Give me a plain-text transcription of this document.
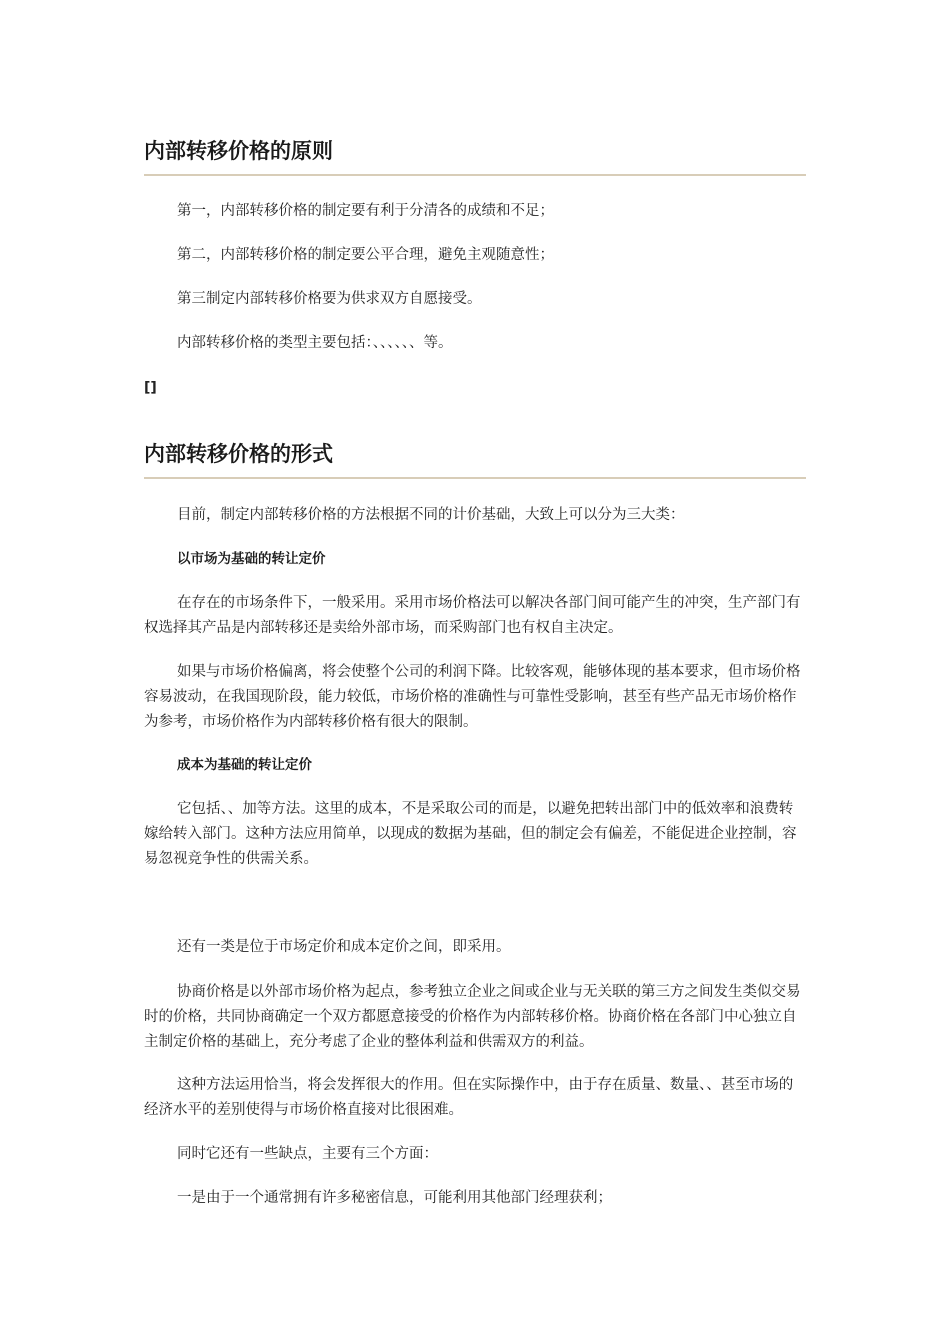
内部转移价格的原则

第一，内部转移价格的制定要有利于分清各的成绩和不足；

第二，内部转移价格的制定要公平合理，避免主观随意性；

第三制定内部转移价格要为供求双方自愿接受。

内部转移价格的类型主要包括：、、、、、、等。

[]

内部转移价格的形式

目前，制定内部转移价格的方法根据不同的计价基础，大致上可以分为三大类：

以市场为基础的转让定价

在存在的市场条件下，一般采用。采用市场价格法可以解决各部门间可能产生的冲突，生产部门有权选择其产品是内部转移还是卖给外部市场，而采购部门也有权自主决定。

如果与市场价格偏离，将会使整个公司的利润下降。比较客观，能够体现的基本要求，但市场价格容易波动，在我国现阶段，能力较低，市场价格的准确性与可靠性受影响，甚至有些产品无市场价格作为参考，市场价格作为内部转移价格有很大的限制。

成本为基础的转让定价

它包括、、加等方法。这里的成本，不是采取公司的而是，以避免把转出部门中的低效率和浪费转嫁给转入部门。这种方法应用简单，以现成的数据为基础，但的制定会有偏差，不能促进企业控制，容易忽视竞争性的供需关系。

还有一类是位于市场定价和成本定价之间，即采用。

协商价格是以外部市场价格为起点，参考独立企业之间或企业与无关联的第三方之间发生类似交易时的价格，共同协商确定一个双方都愿意接受的价格作为内部转移价格。协商价格在各部门中心独立自主制定价格的基础上，充分考虑了企业的整体利益和供需双方的利益。

这种方法运用恰当，将会发挥很大的作用。但在实际操作中，由于存在质量、数量、、甚至市场的经济水平的差别使得与市场价格直接对比很困难。

同时它还有一些缺点，主要有三个方面：

一是由于一个通常拥有许多秘密信息，可能利用其他部门经理获利；
